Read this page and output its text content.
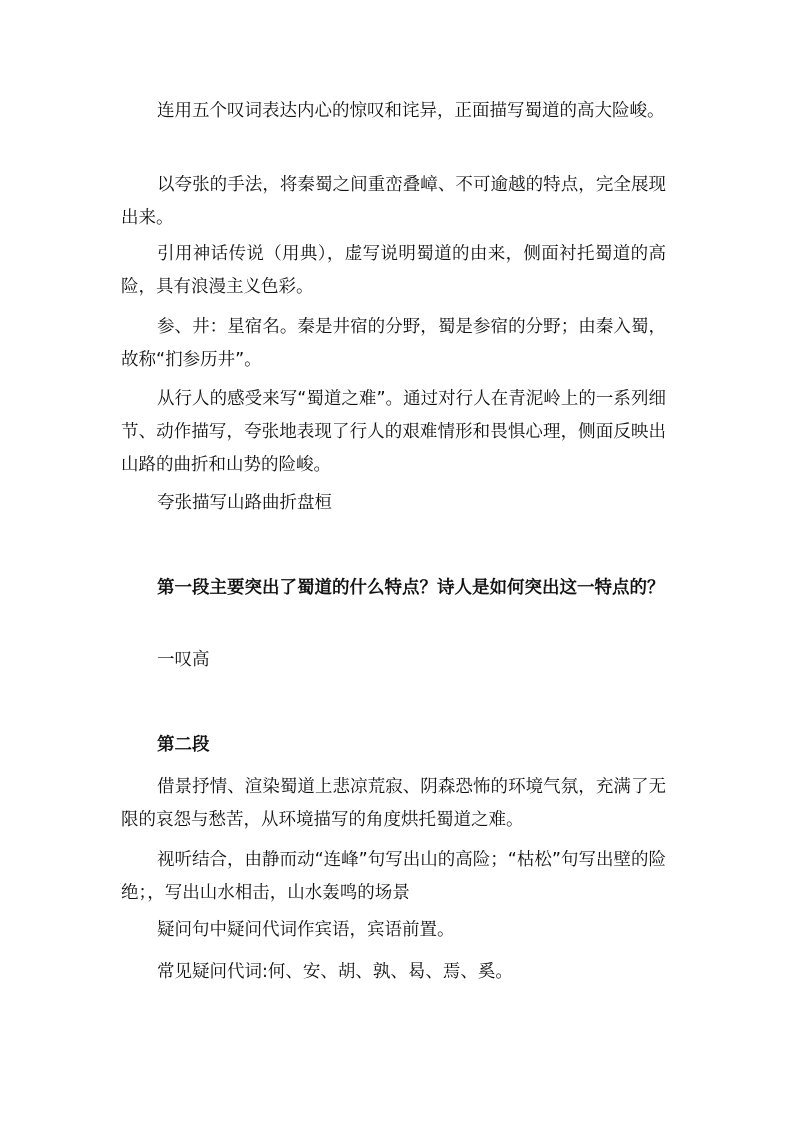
连用五个叹词表达内心的惊叹和诧异，正面描写蜀道的高大险峻。

以夸张的手法，将秦蜀之间重峦叠嶂、不可逾越的特点，完全展现出来。

引用神话传说（用典），虚写说明蜀道的由来，侧面衬托蜀道的高险，具有浪漫主义色彩。

参、井：星宿名。秦是井宿的分野，蜀是参宿的分野；由秦入蜀，故称“扪参历井”。

从行人的感受来写“蜀道之难”。通过对行人在青泥岭上的一系列细节、动作描写，夸张地表现了行人的艰难情形和畏惧心理，侧面反映出山路的曲折和山势的险峻。

夸张描写山路曲折盘桓

第一段主要突出了蜀道的什么特点？诗人是如何突出这一特点的？

一叹高

第二段

借景抒情、渲染蜀道上悲凉荒寂、阴森恐怖的环境气氛，充满了无限的哀怨与愁苦，从环境描写的角度烘托蜀道之难。

视听结合，由静而动“连峰”句写出山的高险；“枯松”句写出壁的险绝；，写出山水相击，山水轰鸣的场景

疑问句中疑问代词作宾语，宾语前置。

常见疑问代词:何、安、胡、孰、曷、焉、奚。
